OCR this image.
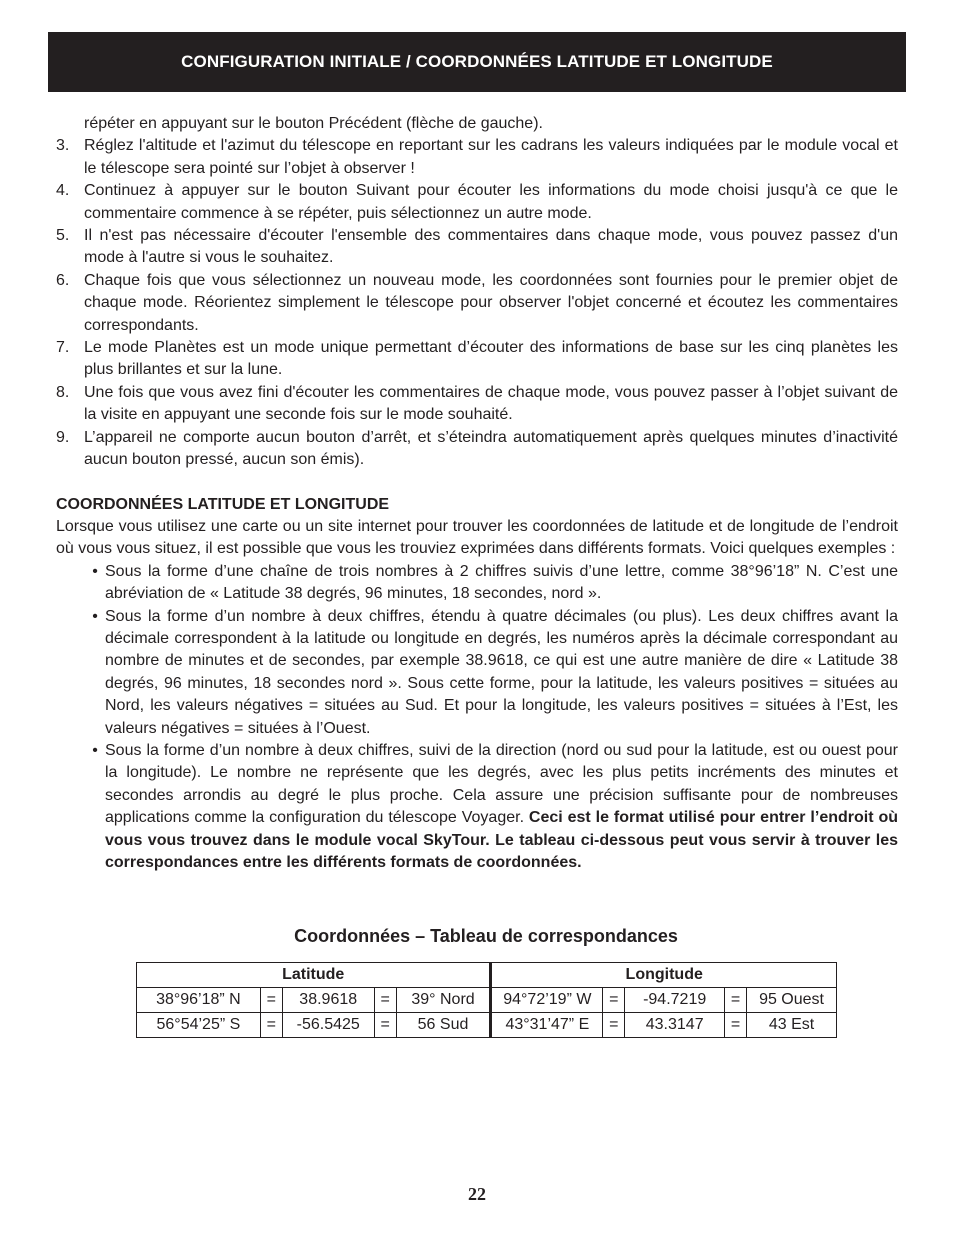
CONFIGURATION INITIALE / COORDONNÉES LATITUDE ET LONGITUDE
répéter en appuyant sur le bouton Précédent (flèche de gauche).
3. Réglez l'altitude et l'azimut du télescope en reportant sur les cadrans les valeurs indiquées par le module vocal et le télescope sera pointé sur l’objet à observer !
4. Continuez à appuyer sur le bouton Suivant pour écouter les informations du mode choisi jusqu'à ce que le commentaire commence à se répéter, puis sélectionnez un autre mode.
5. Il n'est pas nécessaire d'écouter l'ensemble des commentaires dans chaque mode, vous pouvez passez d'un mode à l'autre si vous le souhaitez.
6. Chaque fois que vous sélectionnez un nouveau mode, les coordonnées sont fournies pour le premier objet de chaque mode. Réorientez simplement le télescope pour observer l'objet concerné et écoutez les commentaires correspondants.
7. Le mode Planètes est un mode unique permettant d’écouter des informations de base sur les cinq planètes les plus brillantes et sur la lune.
8. Une fois que vous avez fini d'écouter les commentaires de chaque mode, vous pouvez passer à l’objet suivant de la visite en appuyant une seconde fois sur le mode souhaité.
9. L’appareil ne comporte aucun bouton d’arrêt, et s’éteindra automatiquement après quelques minutes d’inactivité aucun bouton pressé, aucun son émis).
COORDONNÉES LATITUDE ET LONGITUDE
Lorsque vous utilisez une carte ou un site internet pour trouver les coordonnées de latitude et de longitude de l’endroit où vous vous situez, il est possible que vous les trouviez exprimées dans différents formats. Voici quelques exemples :
• Sous la forme d’une chaîne de trois nombres à 2 chiffres suivis d’une lettre, comme 38°96’18” N. C’est une abréviation de « Latitude 38 degrés, 96 minutes, 18 secondes, nord ».
• Sous la forme d’un nombre à deux chiffres, étendu à quatre décimales (ou plus). Les deux chiffres avant la décimale correspondent à la latitude ou longitude en degrés, les numéros après la décimale correspondant au nombre de minutes et de secondes, par exemple 38.9618, ce qui est une autre manière de dire « Latitude 38 degrés, 96 minutes, 18 secondes nord ». Sous cette forme, pour la latitude, les valeurs positives = situées au Nord, les valeurs négatives = situées au Sud. Et pour la longitude, les valeurs positives = situées à l’Est, les valeurs négatives = situées à l’Ouest.
• Sous la forme d’un nombre à deux chiffres, suivi de la direction (nord ou sud pour la latitude, est ou ouest pour la longitude). Le nombre ne représente que les degrés, avec les plus petits incréments des minutes et secondes arrondis au degré le plus proche. Cela assure une précision suffisante pour de nombreuses applications comme la configuration du télescope Voyager. Ceci est le format utilisé pour entrer l’endroit où vous vous trouvez dans le module vocal SkyTour. Le tableau ci-dessous peut vous servir à trouver les correspondances entre les différents formats de coordonnées.
Coordonnées – Tableau de correspondances
Latitude					Longitude				
38°96’18” N	=	38.9618	=	39° Nord	94°72’19” W	=	-94.7219	=	95 Ouest
56°54’25” S	=	-56.5425	=	56 Sud	43°31’47” E	=	43.3147	=	43 Est
22
